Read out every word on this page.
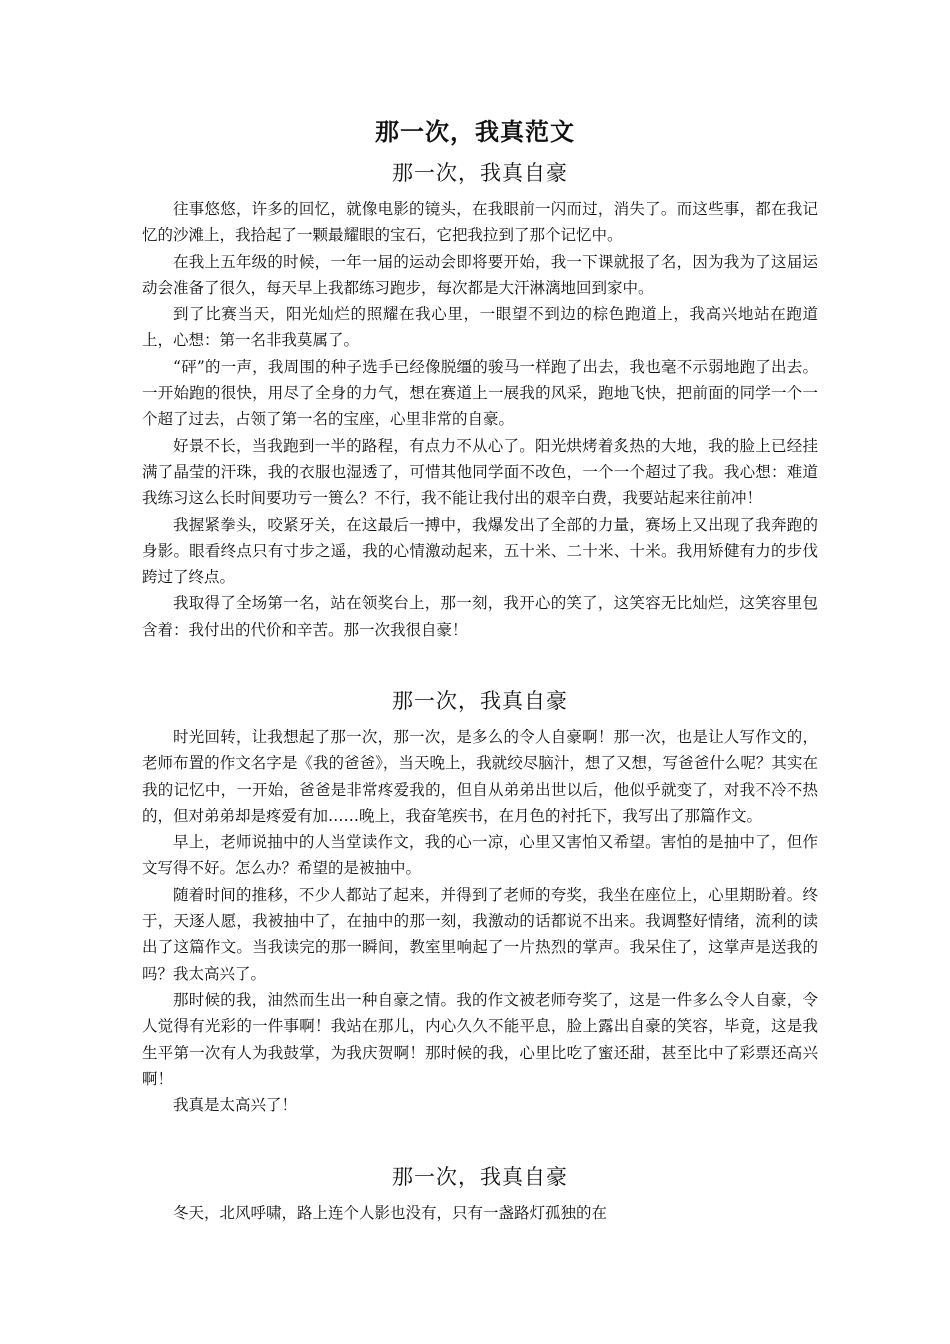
那一次，我真范文
那一次，我真自豪

往事悠悠，许多的回忆，就像电影的镜头，在我眼前一闪而过，消失了。而这些事，都在我记忆的沙滩上，我拾起了一颗最耀眼的宝石，它把我拉到了那个记忆中。

在我上五年级的时候，一年一届的运动会即将要开始，我一下课就报了名，因为我为了这届运动会准备了很久，每天早上我都练习跑步，每次都是大汗淋漓地回到家中。

到了比赛当天，阳光灿烂的照耀在我心里，一眼望不到边的棕色跑道上，我高兴地站在跑道上，心想：第一名非我莫属了。

“砰”的一声，我周围的种子选手已经像脱缰的骏马一样跑了出去，我也毫不示弱地跑了出去。一开始跑的很快，用尽了全身的力气，想在赛道上一展我的风采，跑地飞快，把前面的同学一个一个超了过去，占领了第一名的宝座，心里非常的自豪。

好景不长，当我跑到一半的路程，有点力不从心了。阳光烘烤着炙热的大地，我的脸上已经挂满了晶莹的汗珠，我的衣服也湿透了，可惜其他同学面不改色，一个一个超过了我。我心想：难道我练习这么长时间要功亏一篑么？不行，我不能让我付出的艰辛白费，我要站起来往前冲！

我握紧拳头，咬紧牙关，在这最后一搏中，我爆发出了全部的力量，赛场上又出现了我奔跑的身影。眼看终点只有寸步之遥，我的心情激动起来，五十米、二十米、十米。我用矫健有力的步伐跨过了终点。

我取得了全场第一名，站在领奖台上，那一刻，我开心的笑了，这笑容无比灿烂，这笑容里包含着：我付出的代价和辛苦。那一次我很自豪！

那一次，我真自豪

时光回转，让我想起了那一次，那一次，是多么的令人自豪啊！那一次，也是让人写作文的，老师布置的作文名字是《我的爸爸》，当天晚上，我就绞尽脑汁，想了又想，写爸爸什么呢？其实在我的记忆中，一开始，爸爸是非常疼爱我的，但自从弟弟出世以后，他似乎就变了，对我不冷不热的，但对弟弟却是疼爱有加……晚上，我奋笔疾书，在月色的衬托下，我写出了那篇作文。

早上，老师说抽中的人当堂读作文，我的心一凉，心里又害怕又希望。害怕的是抽中了，但作文写得不好。怎么办？希望的是被抽中。

随着时间的推移，不少人都站了起来，并得到了老师的夸奖，我坐在座位上，心里期盼着。终于，天逐人愿，我被抽中了，在抽中的那一刻，我激动的话都说不出来。我调整好情绪，流利的读出了这篇作文。当我读完的那一瞬间，教室里响起了一片热烈的掌声。我呆住了，这掌声是送我的吗？我太高兴了。

那时候的我，油然而生出一种自豪之情。我的作文被老师夸奖了，这是一件多么令人自豪，令人觉得有光彩的一件事啊！我站在那儿，内心久久不能平息，脸上露出自豪的笑容，毕竟，这是我生平第一次有人为我鼓掌，为我庆贺啊！那时候的我，心里比吃了蜜还甜，甚至比中了彩票还高兴啊！

我真是太高兴了！

那一次，我真自豪

冬天，北风呼啸，路上连个人影也没有，只有一盏路灯孤独的在
